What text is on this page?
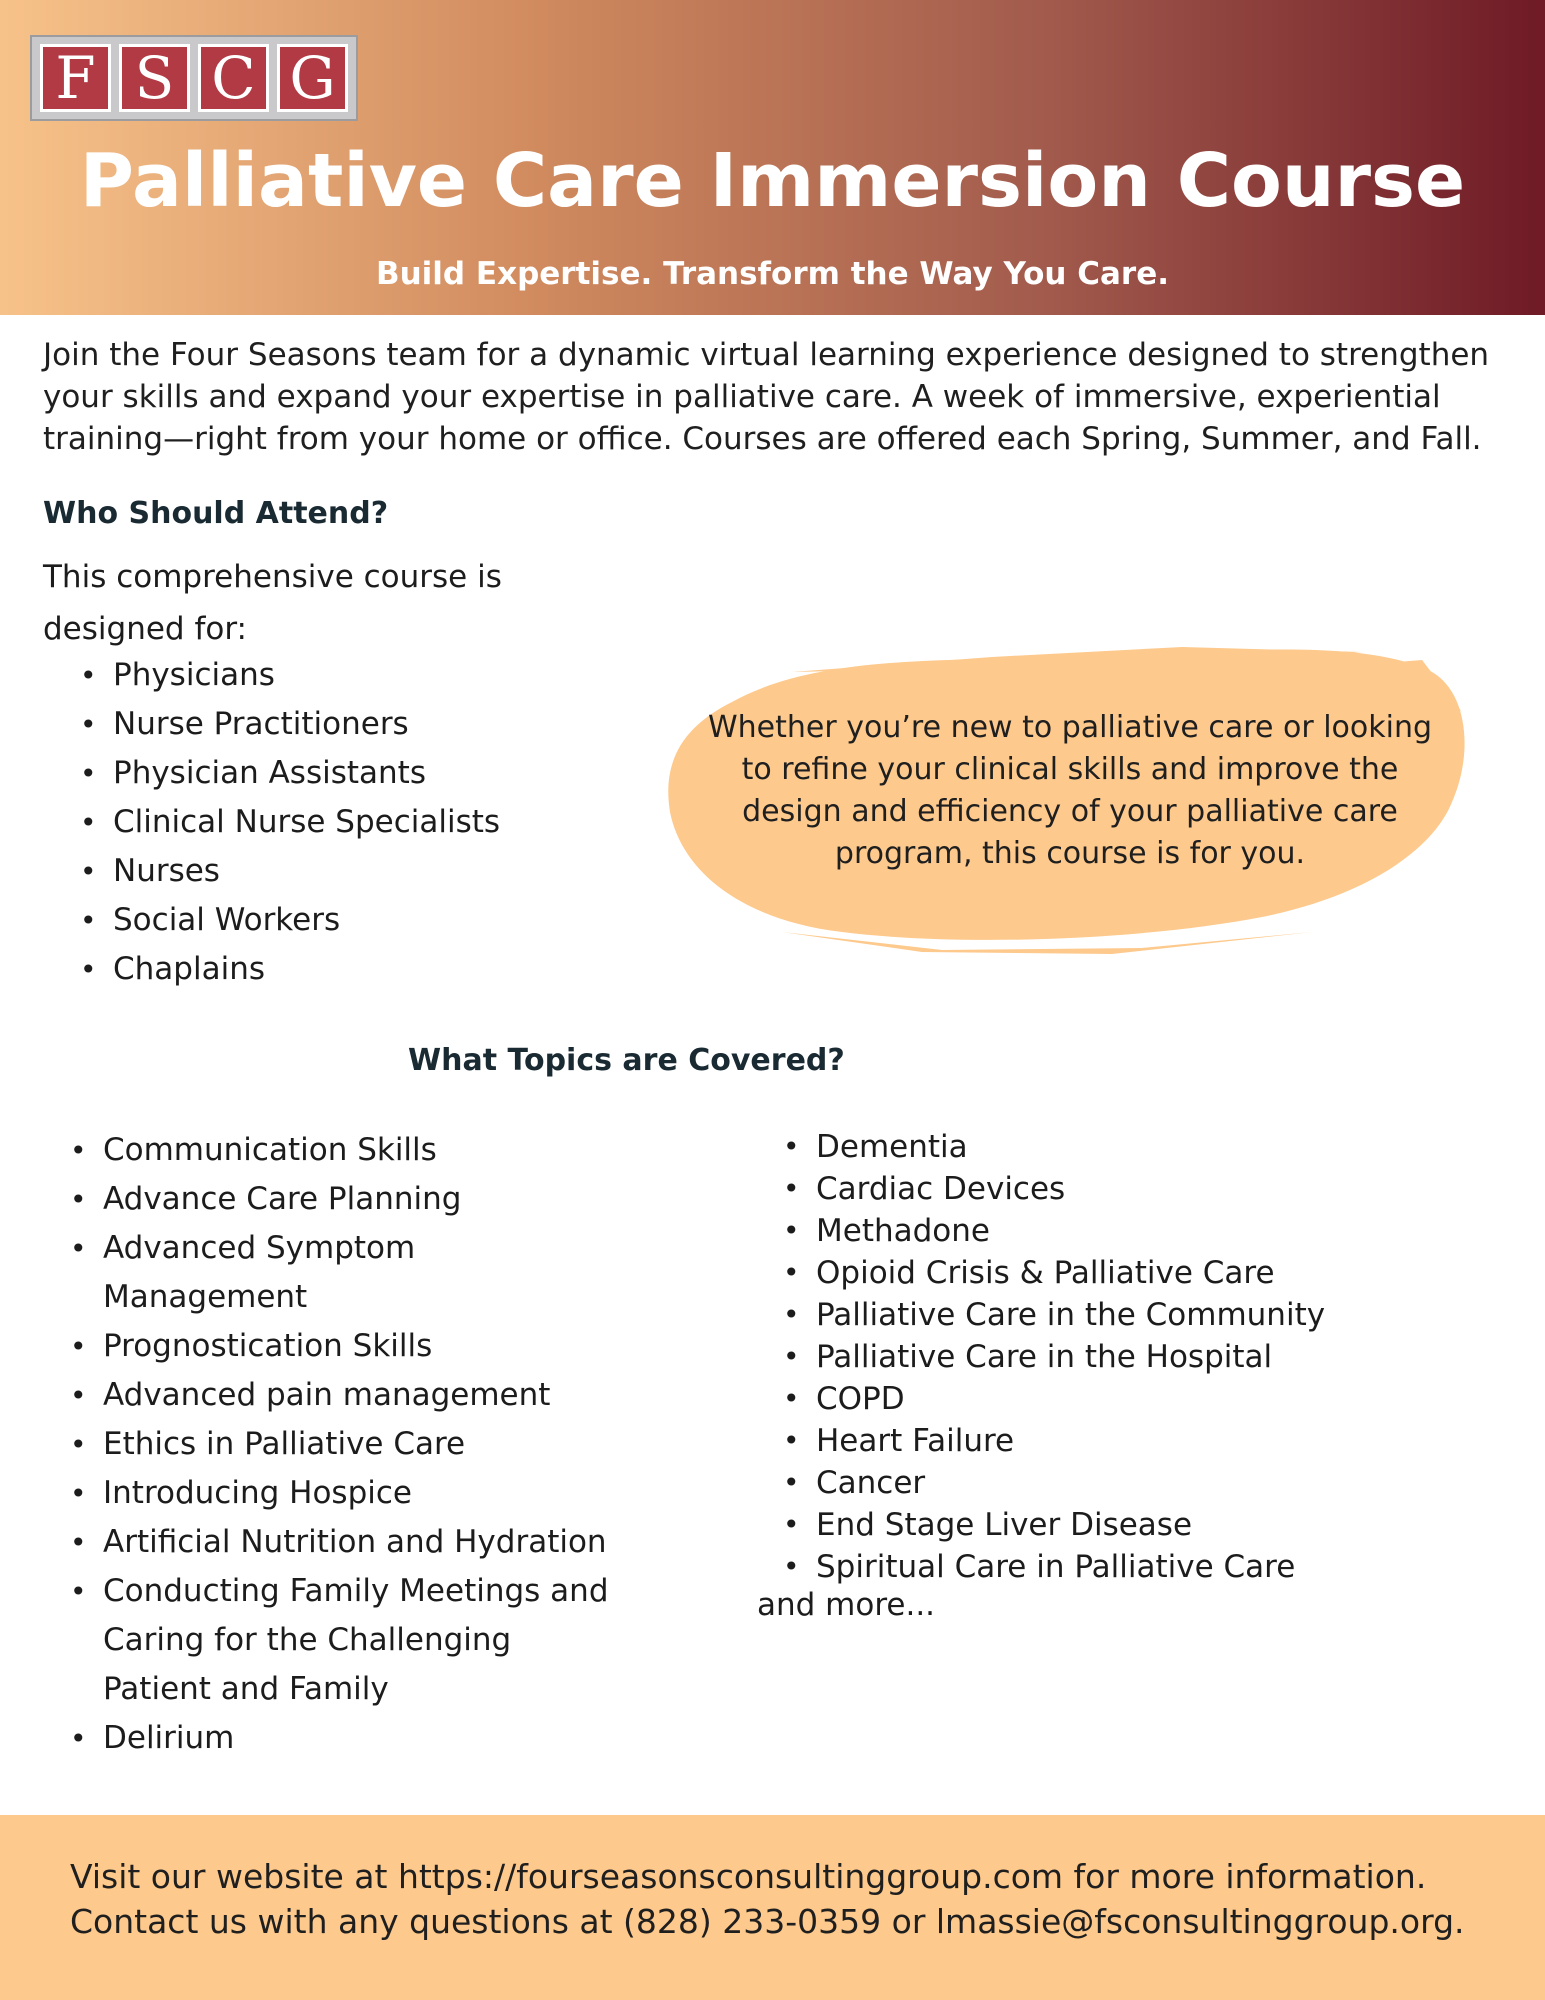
F S C G
Palliative Care Immersion Course
Build Expertise. Transform the Way You Care.
Join the Four Seasons team for a dynamic virtual learning experience designed to strengthen your skills and expand your expertise in palliative care. A week of immersive, experiential training—right from your home or office. Courses are offered each Spring, Summer, and Fall.
Who Should Attend?
This comprehensive course is designed for:
• Physicians
• Nurse Practitioners
• Physician Assistants
• Clinical Nurse Specialists
• Nurses
• Social Workers
• Chaplains
Whether you’re new to palliative care or looking to refine your clinical skills and improve the design and efficiency of your palliative care program, this course is for you.
What Topics are Covered?
• Communication Skills
• Advance Care Planning
• Advanced Symptom Management
• Prognostication Skills
• Advanced pain management
• Ethics in Palliative Care
• Introducing Hospice
• Artificial Nutrition and Hydration
• Conducting Family Meetings and Caring for the Challenging Patient and Family
• Delirium
• Dementia
• Cardiac Devices
• Methadone
• Opioid Crisis & Palliative Care
• Palliative Care in the Community
• Palliative Care in the Hospital
• COPD
• Heart Failure
• Cancer
• End Stage Liver Disease
• Spiritual Care in Palliative Care
and more...
Visit our website at https://fourseasonsconsultinggroup.com for more information.
Contact us with any questions at (828) 233-0359 or lmassie@fsconsultinggroup.org.
